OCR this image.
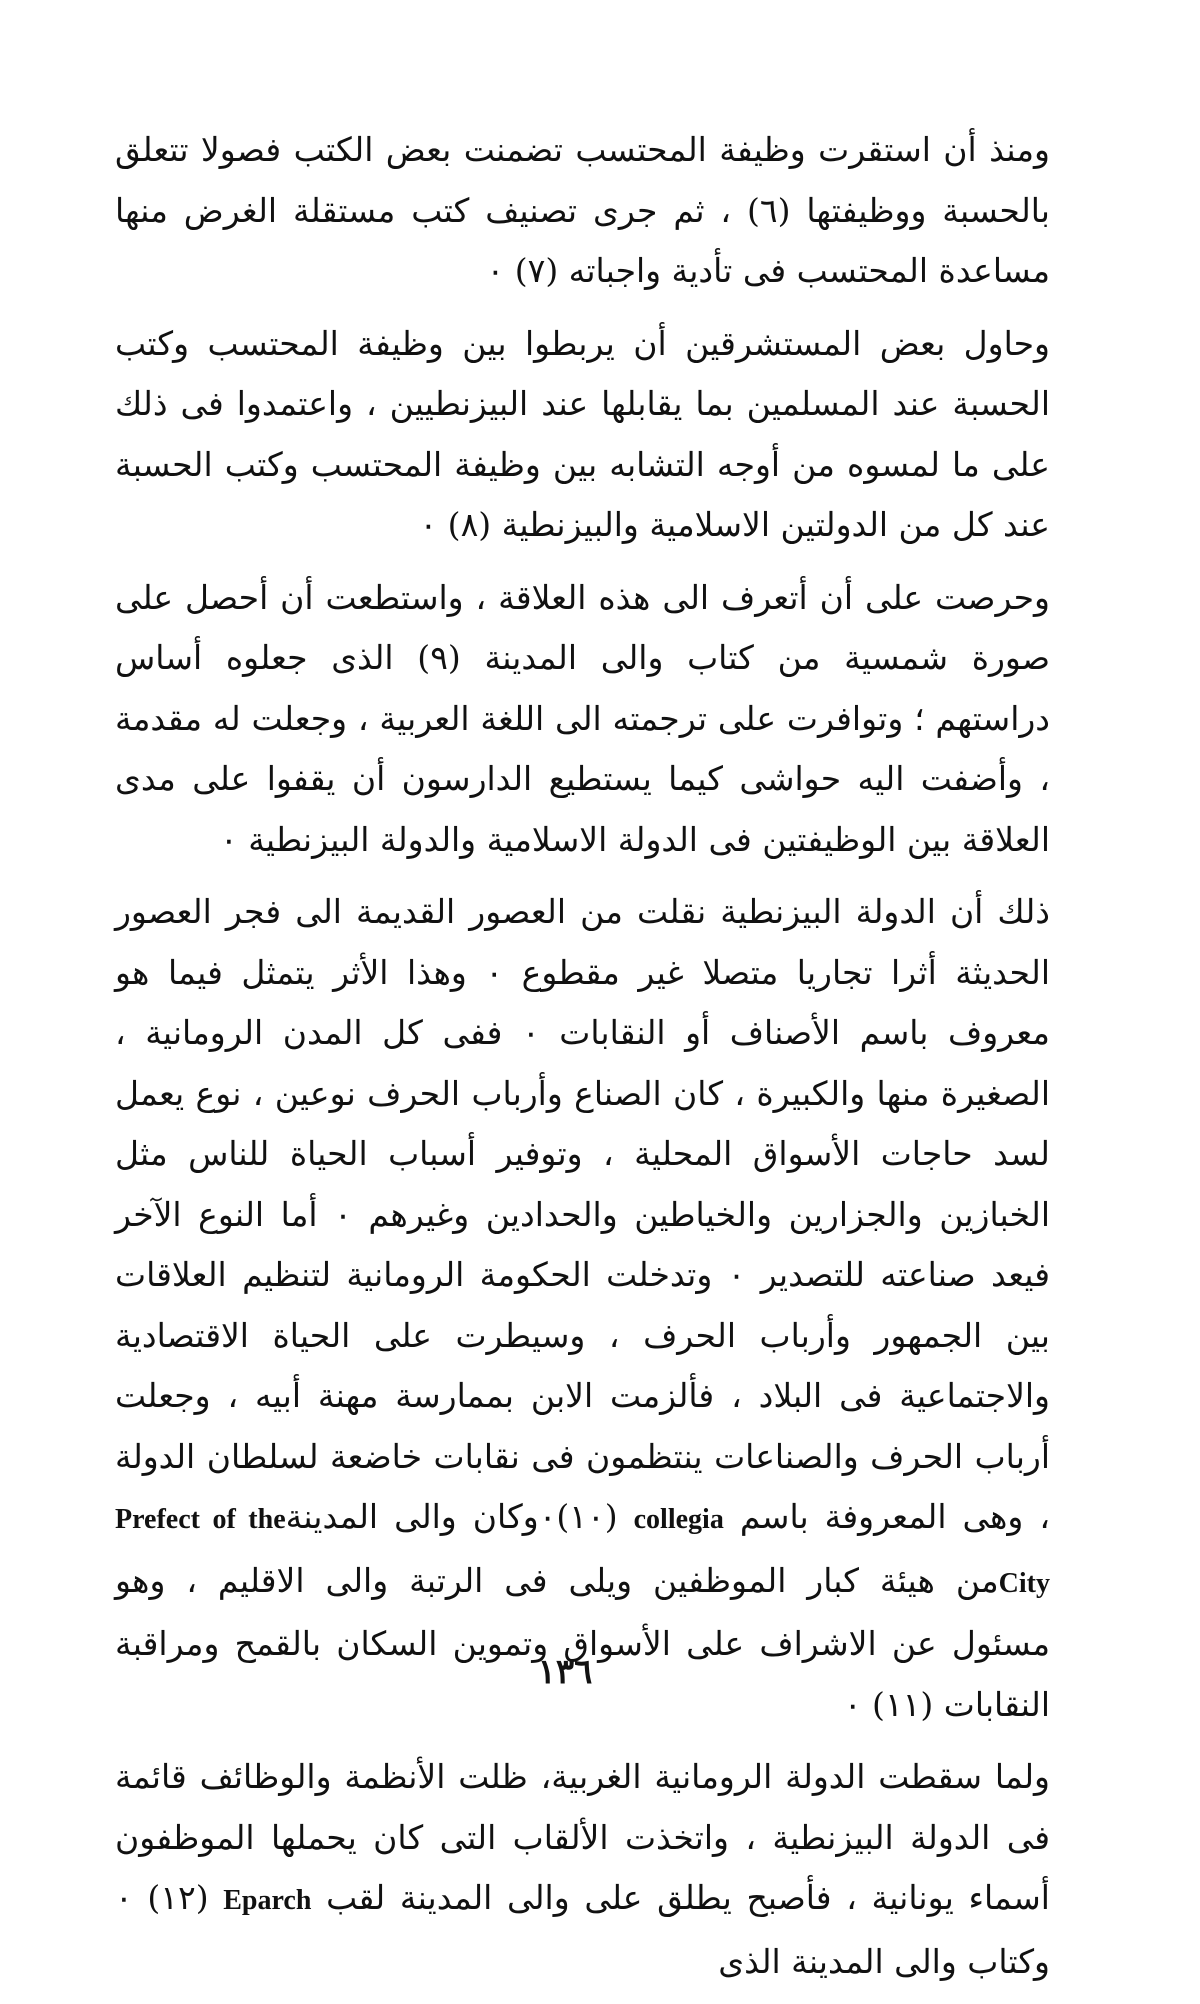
ومنذ أن استقرت وظيفة المحتسب تضمنت بعض الكتب فصولا تتعلق بالحسبة ووظيفتها (٦) ، ثم جرى تصنيف كتب مستقلة الغرض منها مساعدة المحتسب فى تأدية واجباته (٧) ٠

وحاول بعض المستشرقين أن يربطوا بين وظيفة المحتسب وكتب الحسبة عند المسلمين بما يقابلها عند البيزنطيين ، واعتمدوا فى ذلك على ما لمسوه من أوجه التشابه بين وظيفة المحتسب وكتب الحسبة عند كل من الدولتين الاسلامية والبيزنطية (٨) ٠

وحرصت على أن أتعرف الى هذه العلاقة ، واستطعت أن أحصل على صورة شمسية من كتاب والى المدينة (٩) الذى جعلوه أساس دراستهم ؛ وتوافرت على ترجمته الى اللغة العربية ، وجعلت له مقدمة ، وأضفت اليه حواشى كيما يستطيع الدارسون أن يقفوا على مدى العلاقة بين الوظيفتين فى الدولة الاسلامية والدولة البيزنطية ٠

ذلك أن الدولة البيزنطية نقلت من العصور القديمة الى فجر العصور الحديثة أثرا تجاريا متصلا غير مقطوع ٠ وهذا الأثر يتمثل فيما هو معروف باسم الأصناف أو النقابات ٠ ففى كل المدن الرومانية ، الصغيرة منها والكبيرة ، كان الصناع وأرباب الحرف نوعين ، نوع يعمل لسد حاجات الأسواق المحلية ، وتوفير أسباب الحياة للناس مثل الخبازين والجزارين والخياطين والحدادين وغيرهم ٠ أما النوع الآخر فيعد صناعته للتصدير ٠ وتدخلت الحكومة الرومانية لتنظيم العلاقات بين الجمهور وأرباب الحرف ، وسيطرت على الحياة الاقتصادية والاجتماعية فى البلاد ، فألزمت الابن بممارسة مهنة أبيه ، وجعلت أرباب الحرف والصناعات ينتظمون فى نقابات خاضعة لسلطان الدولة ، وهى المعروفة باسم collegia (١٠)٠وكان والى المدينةPrefect of the Cityمن هيئة كبار الموظفين ويلى فى الرتبة والى الاقليم ، وهو مسئول عن الاشراف على الأسواق وتموين السكان بالقمح ومراقبة النقابات (١١) ٠

ولما سقطت الدولة الرومانية الغربية، ظلت الأنظمة والوظائف قائمة فى الدولة البيزنطية ، واتخذت الألقاب التى كان يحملها الموظفون أسماء يونانية ، فأصبح يطلق على والى المدينة لقب Eparch (١٢) ٠ وكتاب والى المدينة الذى

١٣٦
